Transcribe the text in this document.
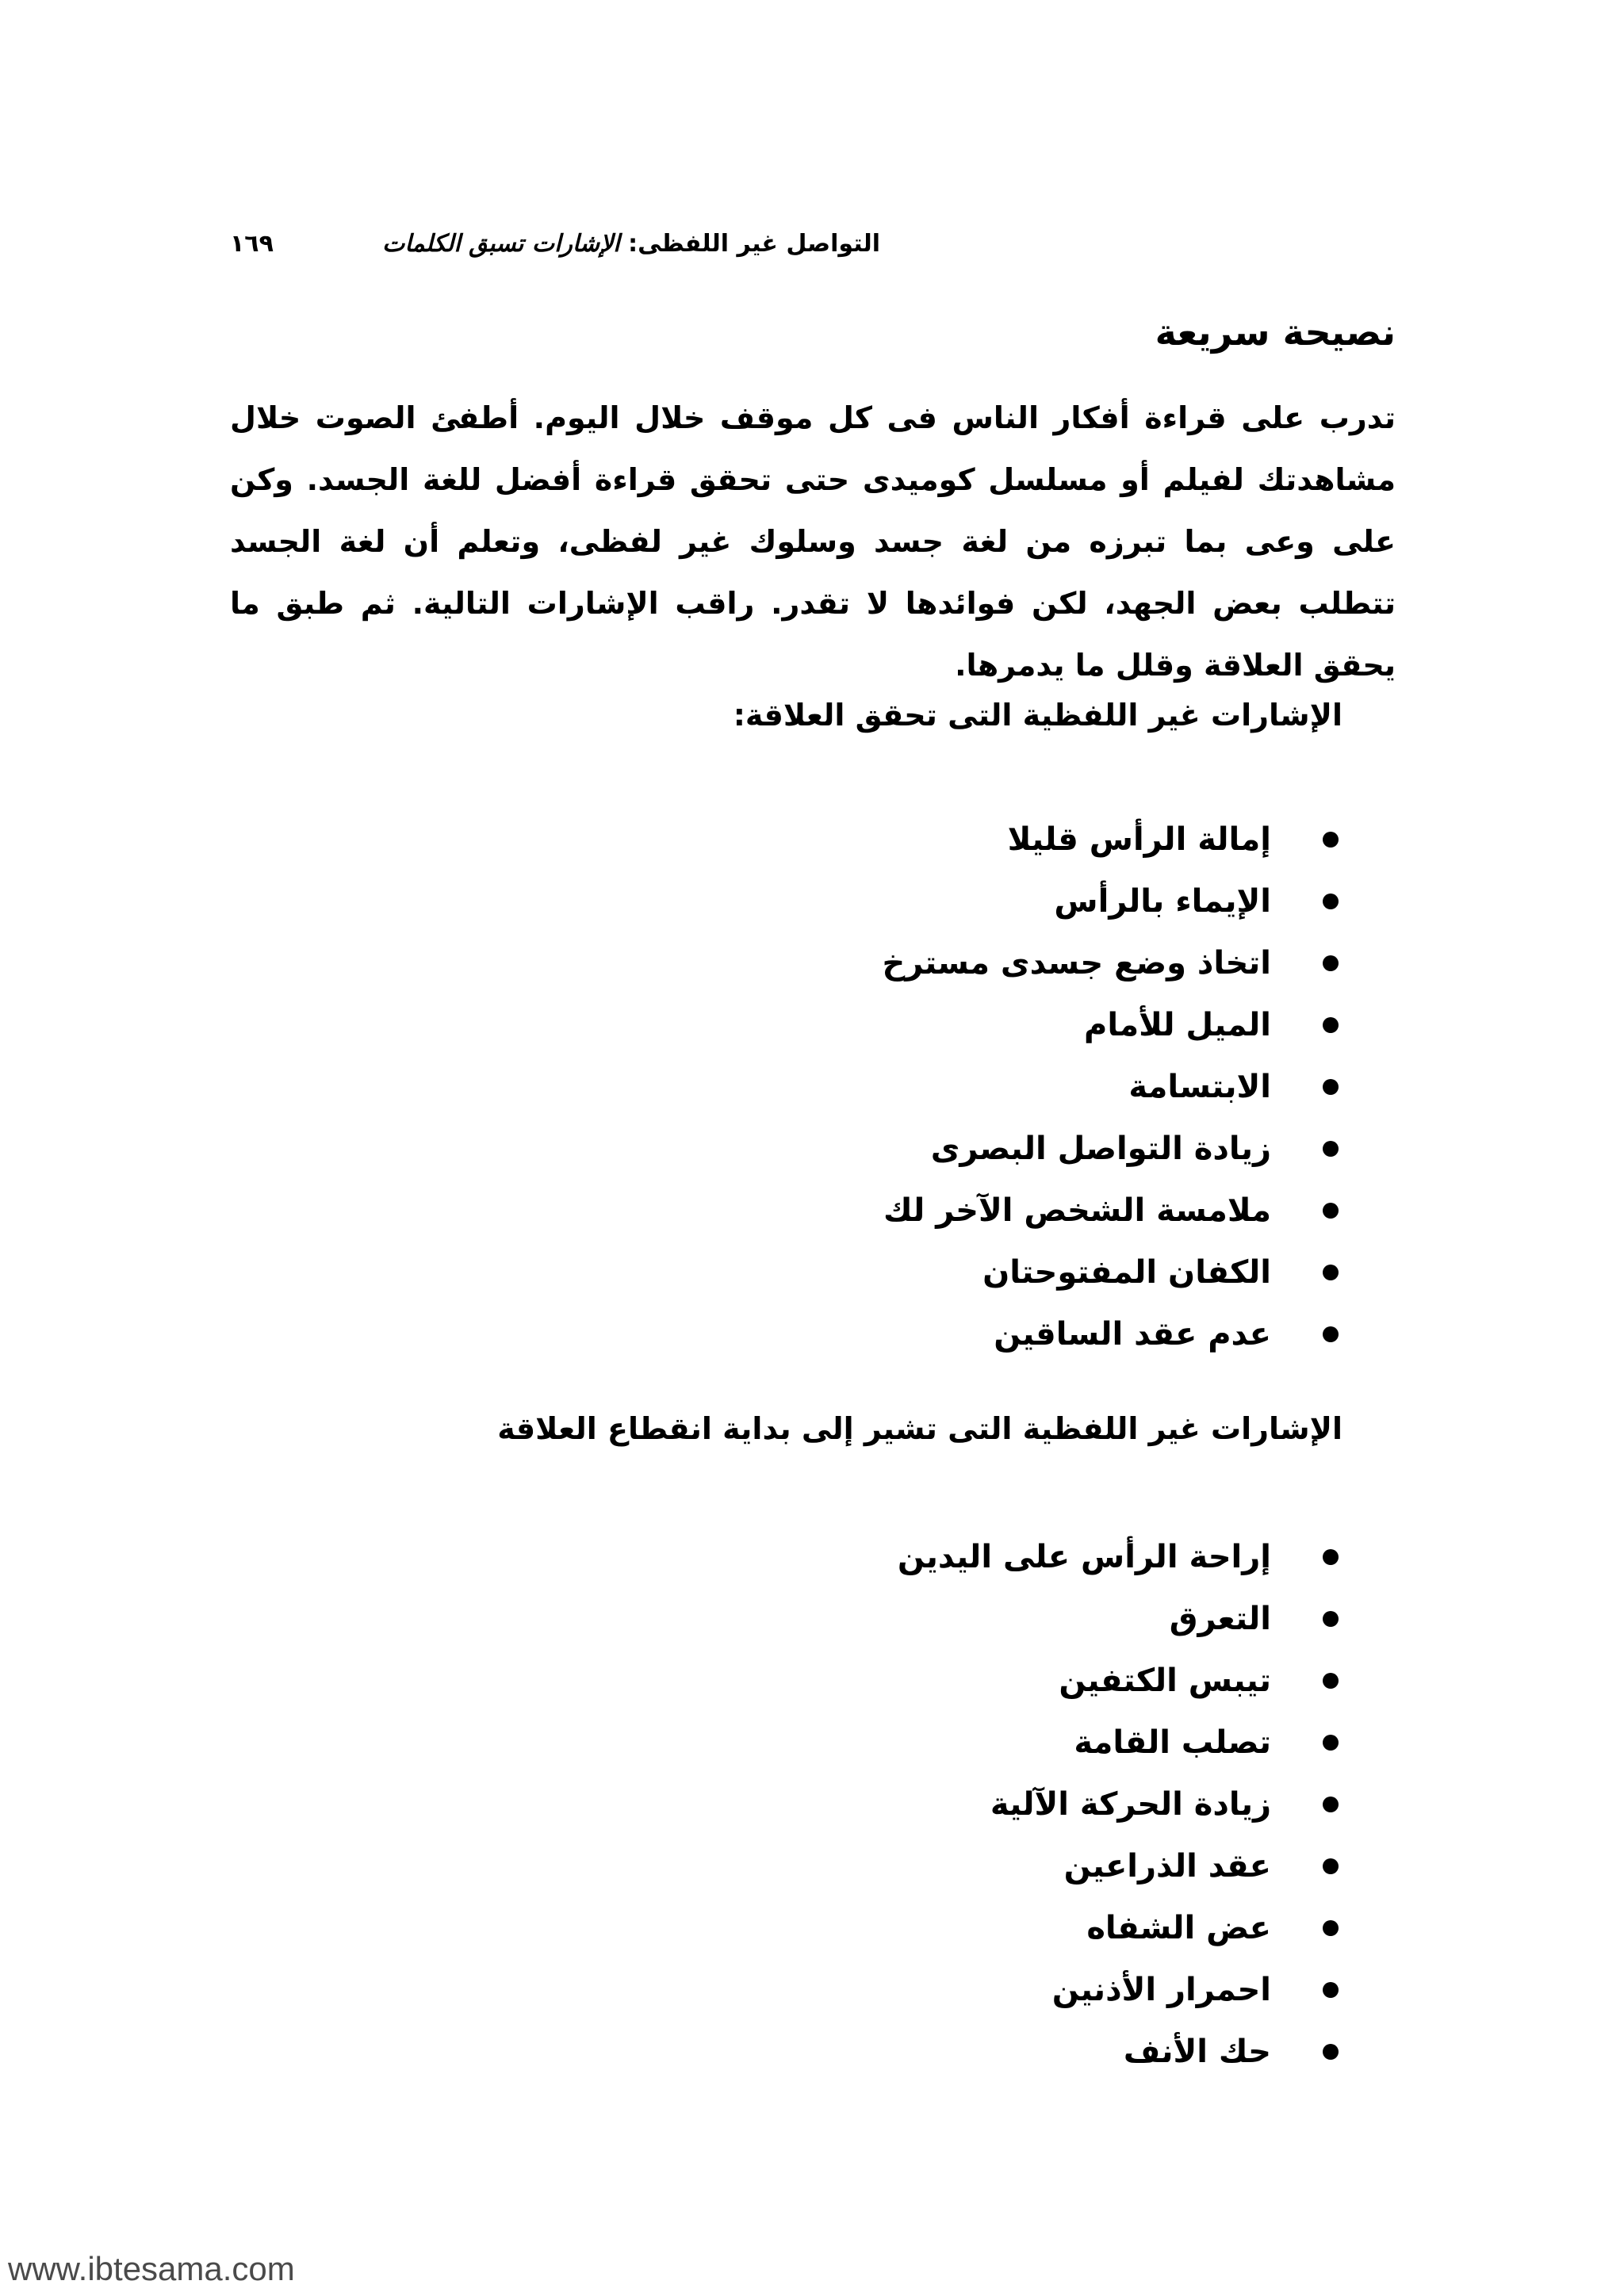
التواصل غير اللفظى: الإشارات تسبق الكلمات
١٦٩
نصيحة سريعة

تدرب على قراءة أفكار الناس فى كل موقف خلال اليوم. أطفئ الصوت خلال مشاهدتك لفيلم أو مسلسل كوميدى حتى تحقق قراءة أفضل للغة الجسد. وكن على وعى بما تبرزه من لغة جسد وسلوك غير لفظى، وتعلم أن لغة الجسد تتطلب بعض الجهد، لكن فوائدها لا تقدر. راقب الإشارات التالية. ثم طبق ما يحقق العلاقة وقلل ما يدمرها.

الإشارات غير اللفظية التى تحقق العلاقة:
إمالة الرأس قليلا
الإيماء بالرأس
اتخاذ وضع جسدى مسترخ
الميل للأمام
الابتسامة
زيادة التواصل البصرى
ملامسة الشخص الآخر لك
الكفان المفتوحتان
عدم عقد الساقين
الإشارات غير اللفظية التى تشير إلى بداية انقطاع العلاقة
إراحة الرأس على اليدين
التعرق
تيبس الكتفين
تصلب القامة
زيادة الحركة الآلية
عقد الذراعين
عض الشفاه
احمرار الأذنين
حك الأنف
www.ibtesama.com
